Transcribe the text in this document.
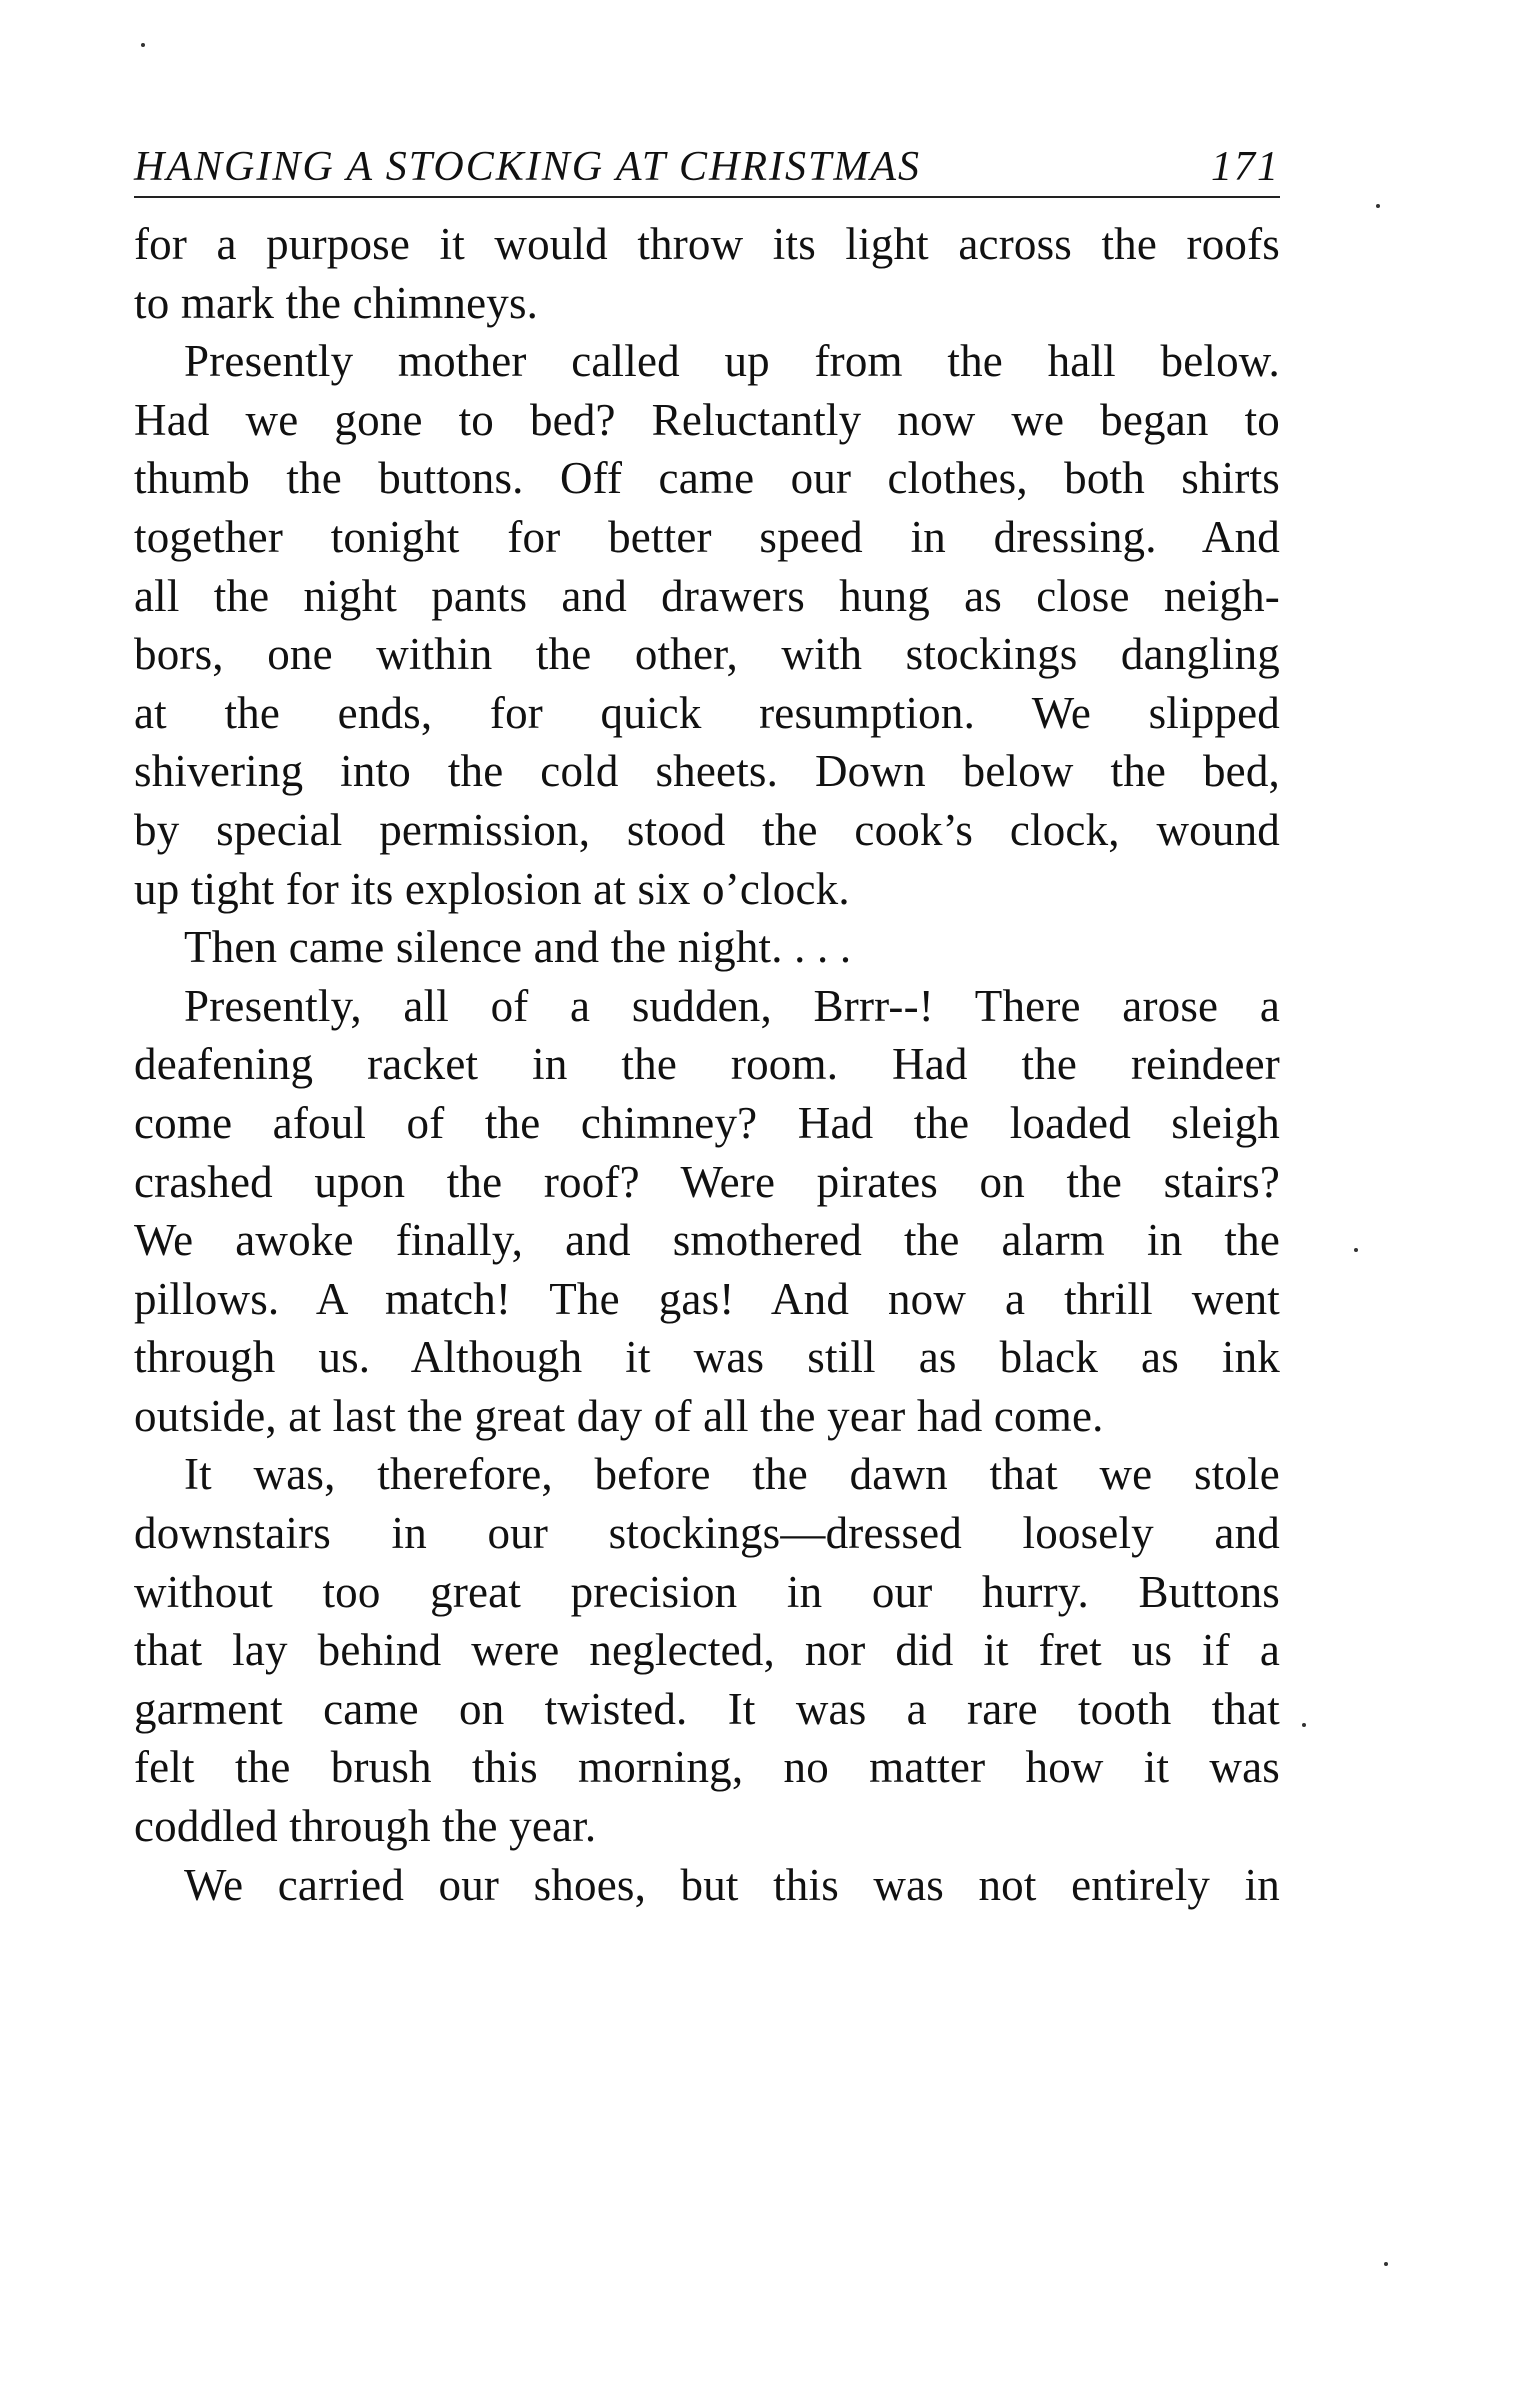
HANGING A STOCKING AT CHRISTMAS	171
for a purpose it would throw its light across the roofs
to mark the chimneys.
Presently mother called up from the hall below.
Had we gone to bed? Reluctantly now we began to
thumb the buttons. Off came our clothes, both shirts
together tonight for better speed in dressing. And
all the night pants and drawers hung as close neigh-
bors, one within the other, with stockings dangling
at the ends, for quick resumption. We slipped
shivering into the cold sheets. Down below the bed,
by special permission, stood the cook’s clock, wound
up tight for its explosion at six o’clock.
Then came silence and the night. . . .
Presently, all of a sudden, Brrr--! There arose a
deafening racket in the room. Had the reindeer
come afoul of the chimney? Had the loaded sleigh
crashed upon the roof? Were pirates on the stairs?
We awoke finally, and smothered the alarm in the
pillows. A match! The gas! And now a thrill went
through us. Although it was still as black as ink
outside, at last the great day of all the year had come.
It was, therefore, before the dawn that we stole
downstairs in our stockings—dressed loosely and
without too great precision in our hurry. Buttons
that lay behind were neglected, nor did it fret us if a
garment came on twisted. It was a rare tooth that
felt the brush this morning, no matter how it was
coddled through the year.
We carried our shoes, but this was not entirely in
